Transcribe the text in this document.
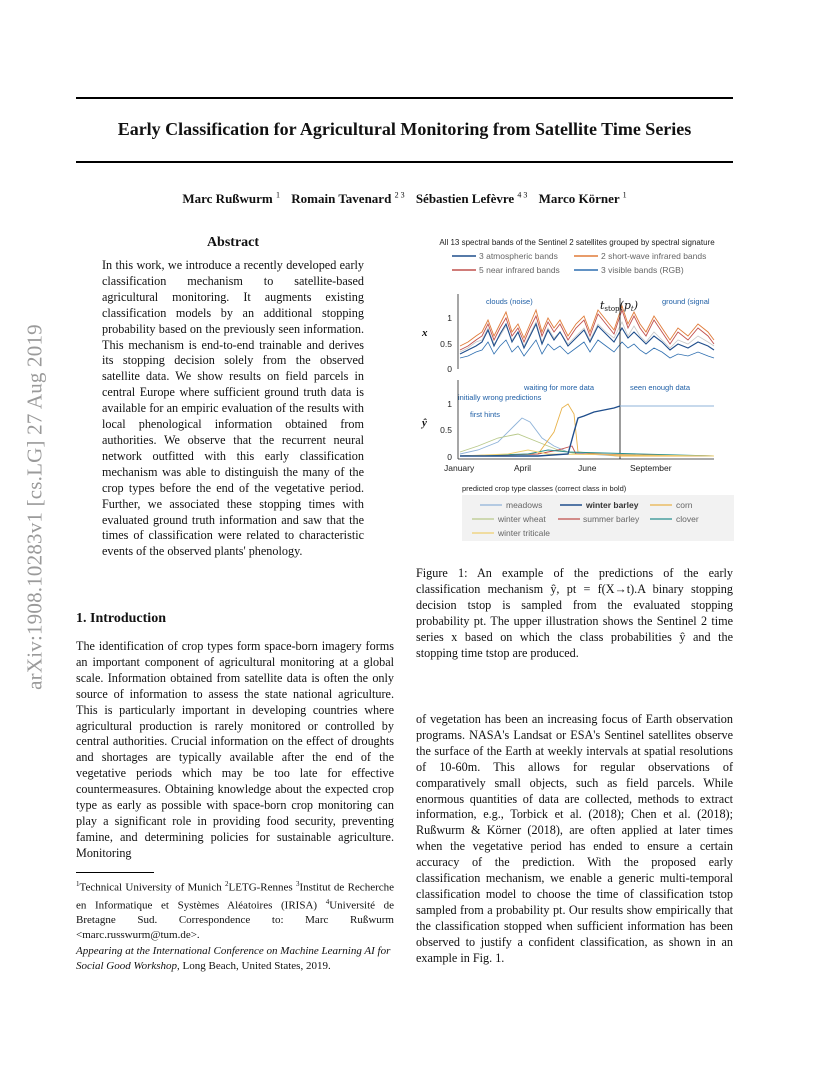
Early Classification for Agricultural Monitoring from Satellite Time Series
Marc Rußwurm $^1$ Romain Tavenard $^{2 3}$ Sébastien Lefèvre $^{4 3}$ Marco Körner $^1$
arXiv:1908.10283v1 [cs.LG] 27 Aug 2019
Abstract

In this work, we introduce a recently developed early classification mechanism to satellite-based agricultural monitoring. It augments existing classification models by an additional stopping probability based on the previously seen information. This mechanism is end-to-end trainable and derives its stopping decision solely from the observed satellite data. We show results on field parcels in central Europe where sufficient ground truth data is available for an empiric evaluation of the results with local phenological information obtained from authorities. We observe that the recurrent neural network outfitted with this early classification mechanism was able to distinguish the many of the crop types before the end of the vegetative period. Further, we associated these stopping times with evaluated ground truth information and saw that the times of classification were related to characteristic events of the observed plants' phenology.

1. Introduction

The identification of crop types form space-born imagery forms an important component of agricultural monitoring at a global scale. Information obtained from satellite data is often the only source of information to assess the state national agriculture. This is particularly important in developing countries where agricultural production is rarely monitored or controlled by central authorities. Crucial information on the effect of droughts and shortages are typically available after the end of the vegetative periods which may be too late for effective countermeasures. Obtaining knowledge about the expected crop type as early as possible with space-born crop monitoring can play a significant role in providing food security, preventing famine, and determining policies for sustainable agriculture. Monitoring

$^1$Technical University of Munich $^2$LETG-Rennes $^3$Institut de Recherche en Informatique et Systèmes Aléatoires (IRISA) $^4$Université de Bretagne Sud. Correspondence to: Marc Rußwurm <marc.russwurm@tum.de>.

Appearing at the International Conference on Machine Learning AI for Social Good Workshop, Long Beach, United States, 2019.

All 13 spectral bands of the Sentinel 2 satellites grouped by spectral signature
3 atmospheric bands	2 short-wave infrared bands
5 near infrared bands	3 visible bands (RGB)
x
1
0.5
0
clouds (noise)	ground (signal
tstop(pt)
ŷ
1
0.5
0
waiting for more data	seen enough data
initially wrong predictions
first hints
January	April	June	September
predicted crop type classes (correct class in bold)
meadows	winter barley	corn
winter wheat	summer barley	clover
winter triticale

Figure 1: An example of the predictions of the early classification mechanism ŷ, pt = f(X→t).A binary stopping decision tstop is sampled from the evaluated stopping probability pt. The upper illustration shows the Sentinel 2 time series x based on which the class probabilities ŷ and the stopping time tstop are produced.

of vegetation has been an increasing focus of Earth observation programs. NASA's Landsat or ESA's Sentinel satellites observe the surface of the Earth at weekly intervals at spatial resolutions of 10-60m. This allows for regular observations of comparatively small objects, such as field parcels. While enormous quantities of data are collected, methods to extract information, e.g., Torbick et al. (2018); Chen et al. (2018); Rußwurm & Körner (2018), are often applied at later times when the vegetative period has ended to ensure a certain accuracy of the prediction. With the proposed early classification mechanism, we enable a generic multi-temporal classification model to choose the time of classification tstop sampled from a probability pt. Our results show empirically that the classification stopped when sufficient information has been observed to justify a confident classification, as shown in an example in Fig. 1.
